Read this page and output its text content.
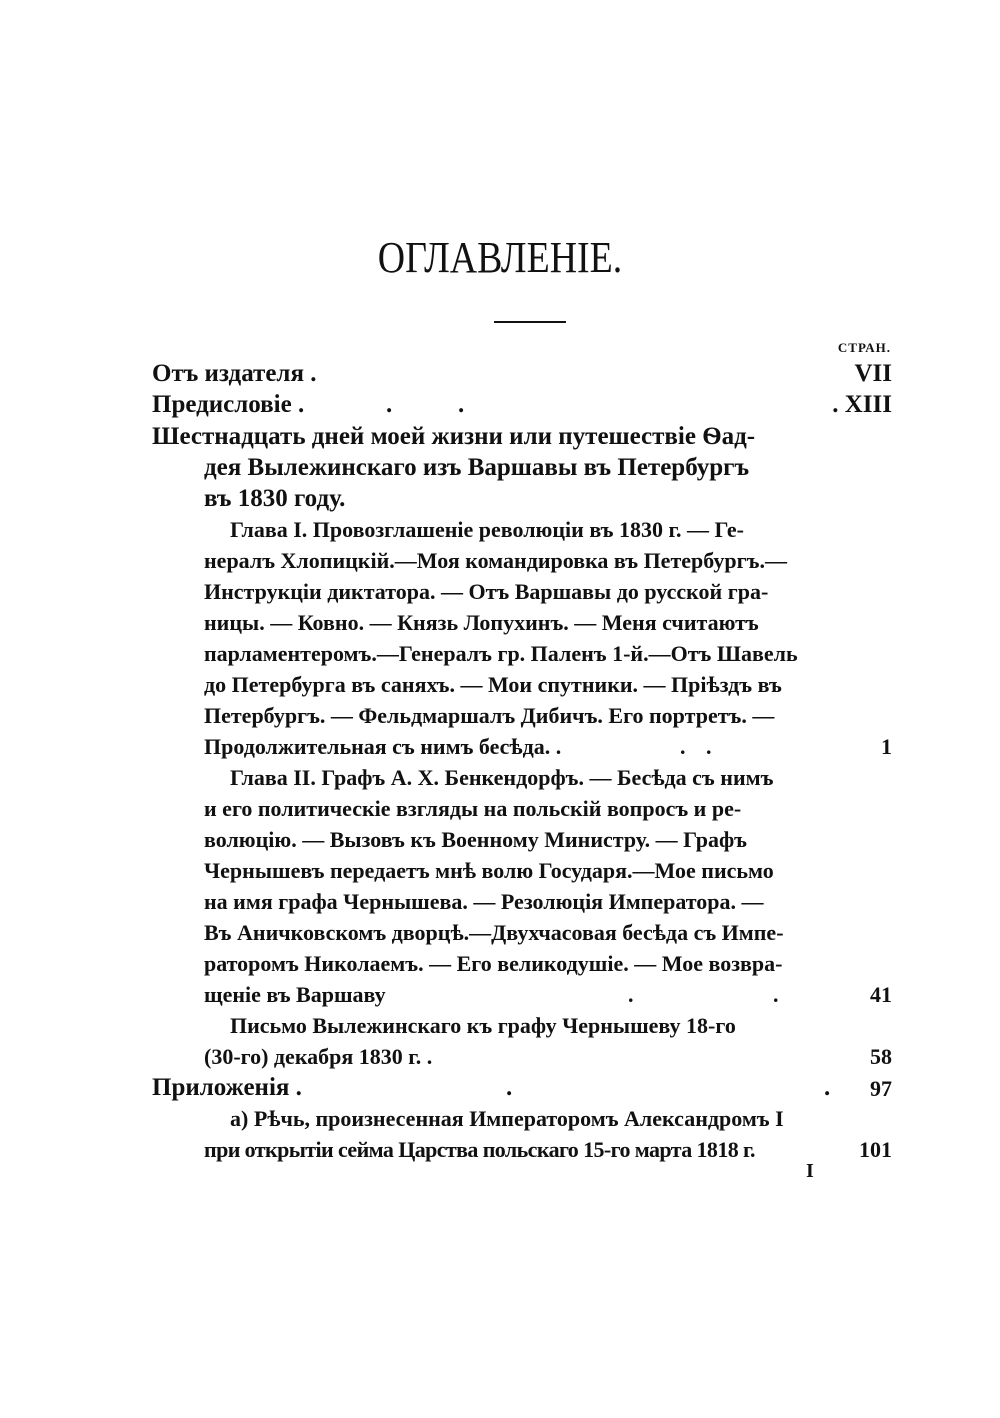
ОГЛАВЛЕНІЕ.
СТРАН.
Отъ издателя .	VII
Предисловіе .	.	.	. XIII
Шестнадцать дней моей жизни или путешествіе Ѳад-
дея Вылежинскаго изъ Варшавы въ Петербургъ
въ 1830 году.
Глава I. Провозглашеніе революціи въ 1830 г. — Ге-
нералъ Хлопицкій.—Моя командировка въ Петербургъ.—
Инструкціи диктатора. — Отъ Варшавы до русской гра-
ницы. — Ковно. — Князь Лопухинъ. — Меня считаютъ
парламентеромъ.—Генералъ гр. Паленъ 1-й.—Отъ Шавель
до Петербурга въ саняхъ. — Мои спутники. — Пріѣздъ въ
Петербургъ. — Фельдмаршалъ Дибичъ. Его портретъ. —
Продолжительная съ нимъ бесѣда. .	. .	1
Глава II. Графъ А. Х. Бенкендорфъ. — Бесѣда съ нимъ
и его политическіе взгляды на польскій вопросъ и ре-
волюцію. — Вызовъ къ Военному Министру. — Графъ
Чернышевъ передаетъ мнѣ волю Государя.—Мое письмо
на имя графа Чернышева. — Резолюція Императора. —
Въ Аничковскомъ дворцѣ.—Двухчасовая бесѣда съ Импе-
раторомъ Николаемъ. — Его великодушіе. — Мое возвра-
щеніе въ Варшаву	.	.	41
Письмо Вылежинскаго къ графу Чернышеву 18-го
(30-го) декабря 1830 г. .	58
Приложенія .	.	. 97
а) Рѣчь, произнесенная Императоромъ Александромъ I
при открытіи сейма Царства польскаго 15-го марта 1818 г.	101
I
